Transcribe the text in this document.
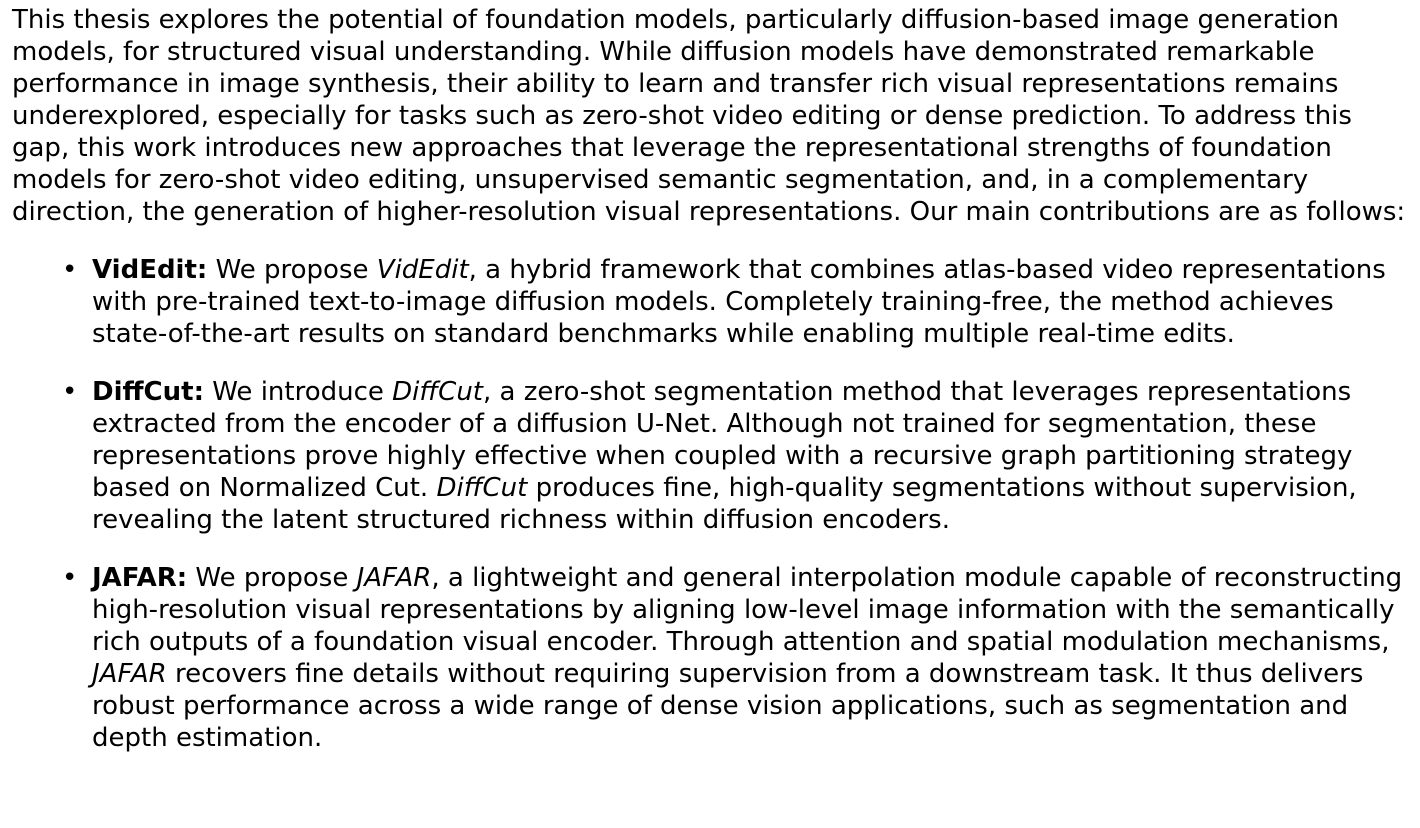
This thesis explores the potential of foundation models, particularly diffusion-based image generation models, for structured visual understanding. While diffusion models have demonstrated remarkable performance in image synthesis, their ability to learn and transfer rich visual representations remains underexplored, especially for tasks such as zero-shot video editing or dense prediction. To address this gap, this work introduces new approaches that leverage the representational strengths of foundation models for zero-shot video editing, unsupervised semantic segmentation, and, in a complementary direction, the generation of higher-resolution visual representations. Our main contributions are as follows:

• VidEdit: We propose VidEdit, a hybrid framework that combines atlas-based video representations with pre-trained text-to-image diffusion models. Completely training-free, the method achieves state-of-the-art results on standard benchmarks while enabling multiple real-time edits.
• DiffCut: We introduce DiffCut, a zero-shot segmentation method that leverages representations extracted from the encoder of a diffusion U-Net. Although not trained for segmentation, these representations prove highly effective when coupled with a recursive graph partitioning strategy based on Normalized Cut. DiffCut produces fine, high-quality segmentations without supervision, revealing the latent structured richness within diffusion encoders.
• JAFAR: We propose JAFAR, a lightweight and general interpolation module capable of reconstructing high-resolution visual representations by aligning low-level image information with the semantically rich outputs of a foundation visual encoder. Through attention and spatial modulation mechanisms, JAFAR recovers fine details without requiring supervision from a downstream task. It thus delivers robust performance across a wide range of dense vision applications, such as segmentation and depth estimation.
